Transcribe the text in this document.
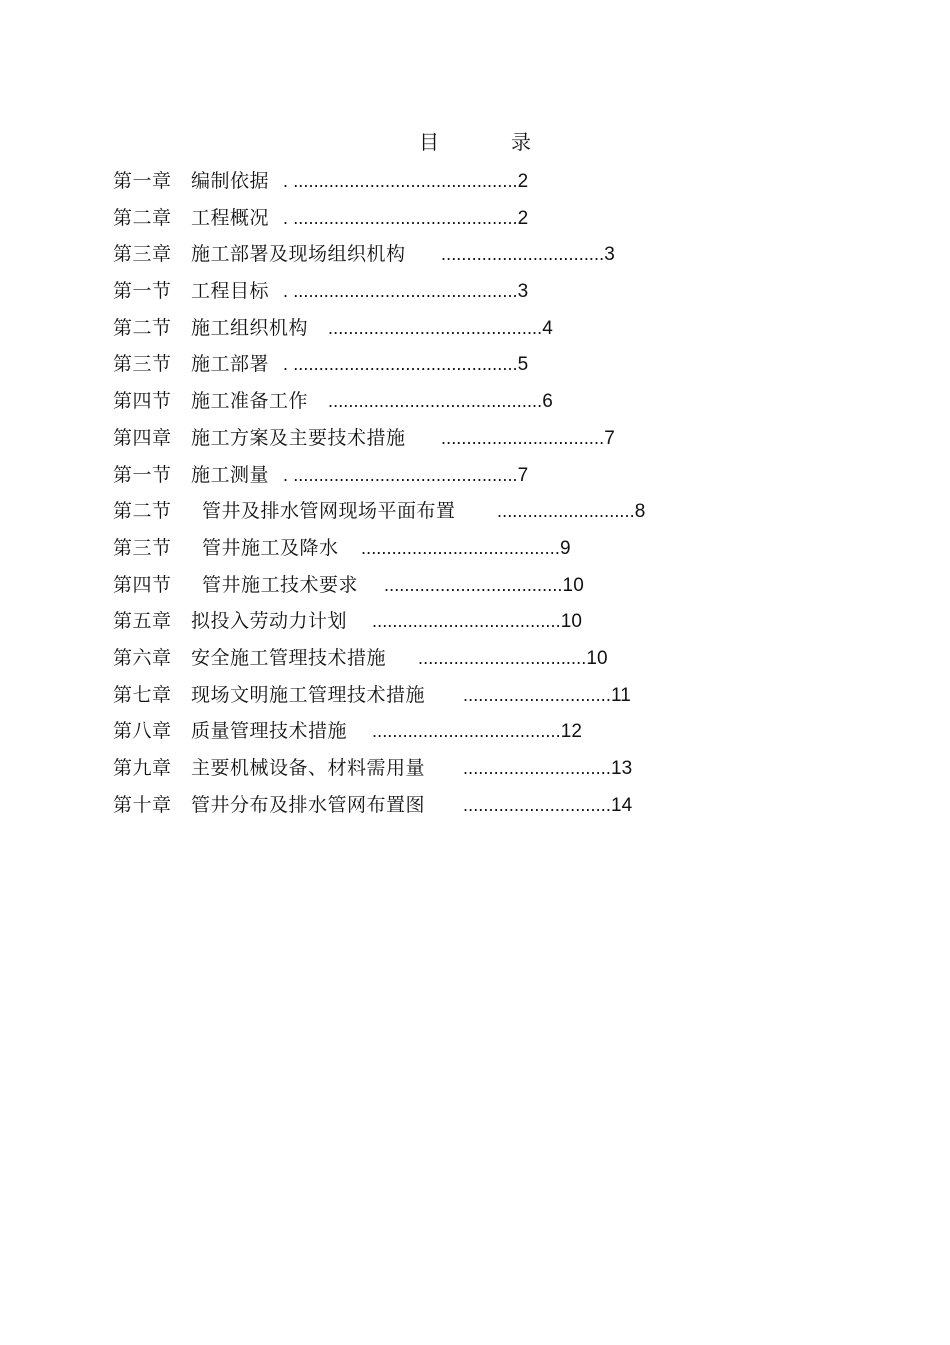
目　录
第一章 编制依据 . ............................................2
第二章 工程概况 . ............................................2
第三章 施工部署及现场组织机构 ................................3
第一节 工程目标 . ............................................3
第二节 施工组织机构 ..........................................4
第三节 施工部署 . ............................................5
第四节 施工准备工作 ..........................................6
第四章 施工方案及主要技术措施 ................................7
第一节 施工测量 . ............................................7
第二节 管井及排水管网现场平面布置 ...........................8
第三节 管井施工及降水 .......................................9
第四节 管井施工技术要求 ...................................10
第五章 拟投入劳动力计划 .....................................10
第六章 安全施工管理技术措施 .................................10
第七章 现场文明施工管理技术措施 .............................11
第八章 质量管理技术措施 .....................................12
第九章 主要机械设备、材料需用量 .............................13
第十章 管井分布及排水管网布置图 .............................14
